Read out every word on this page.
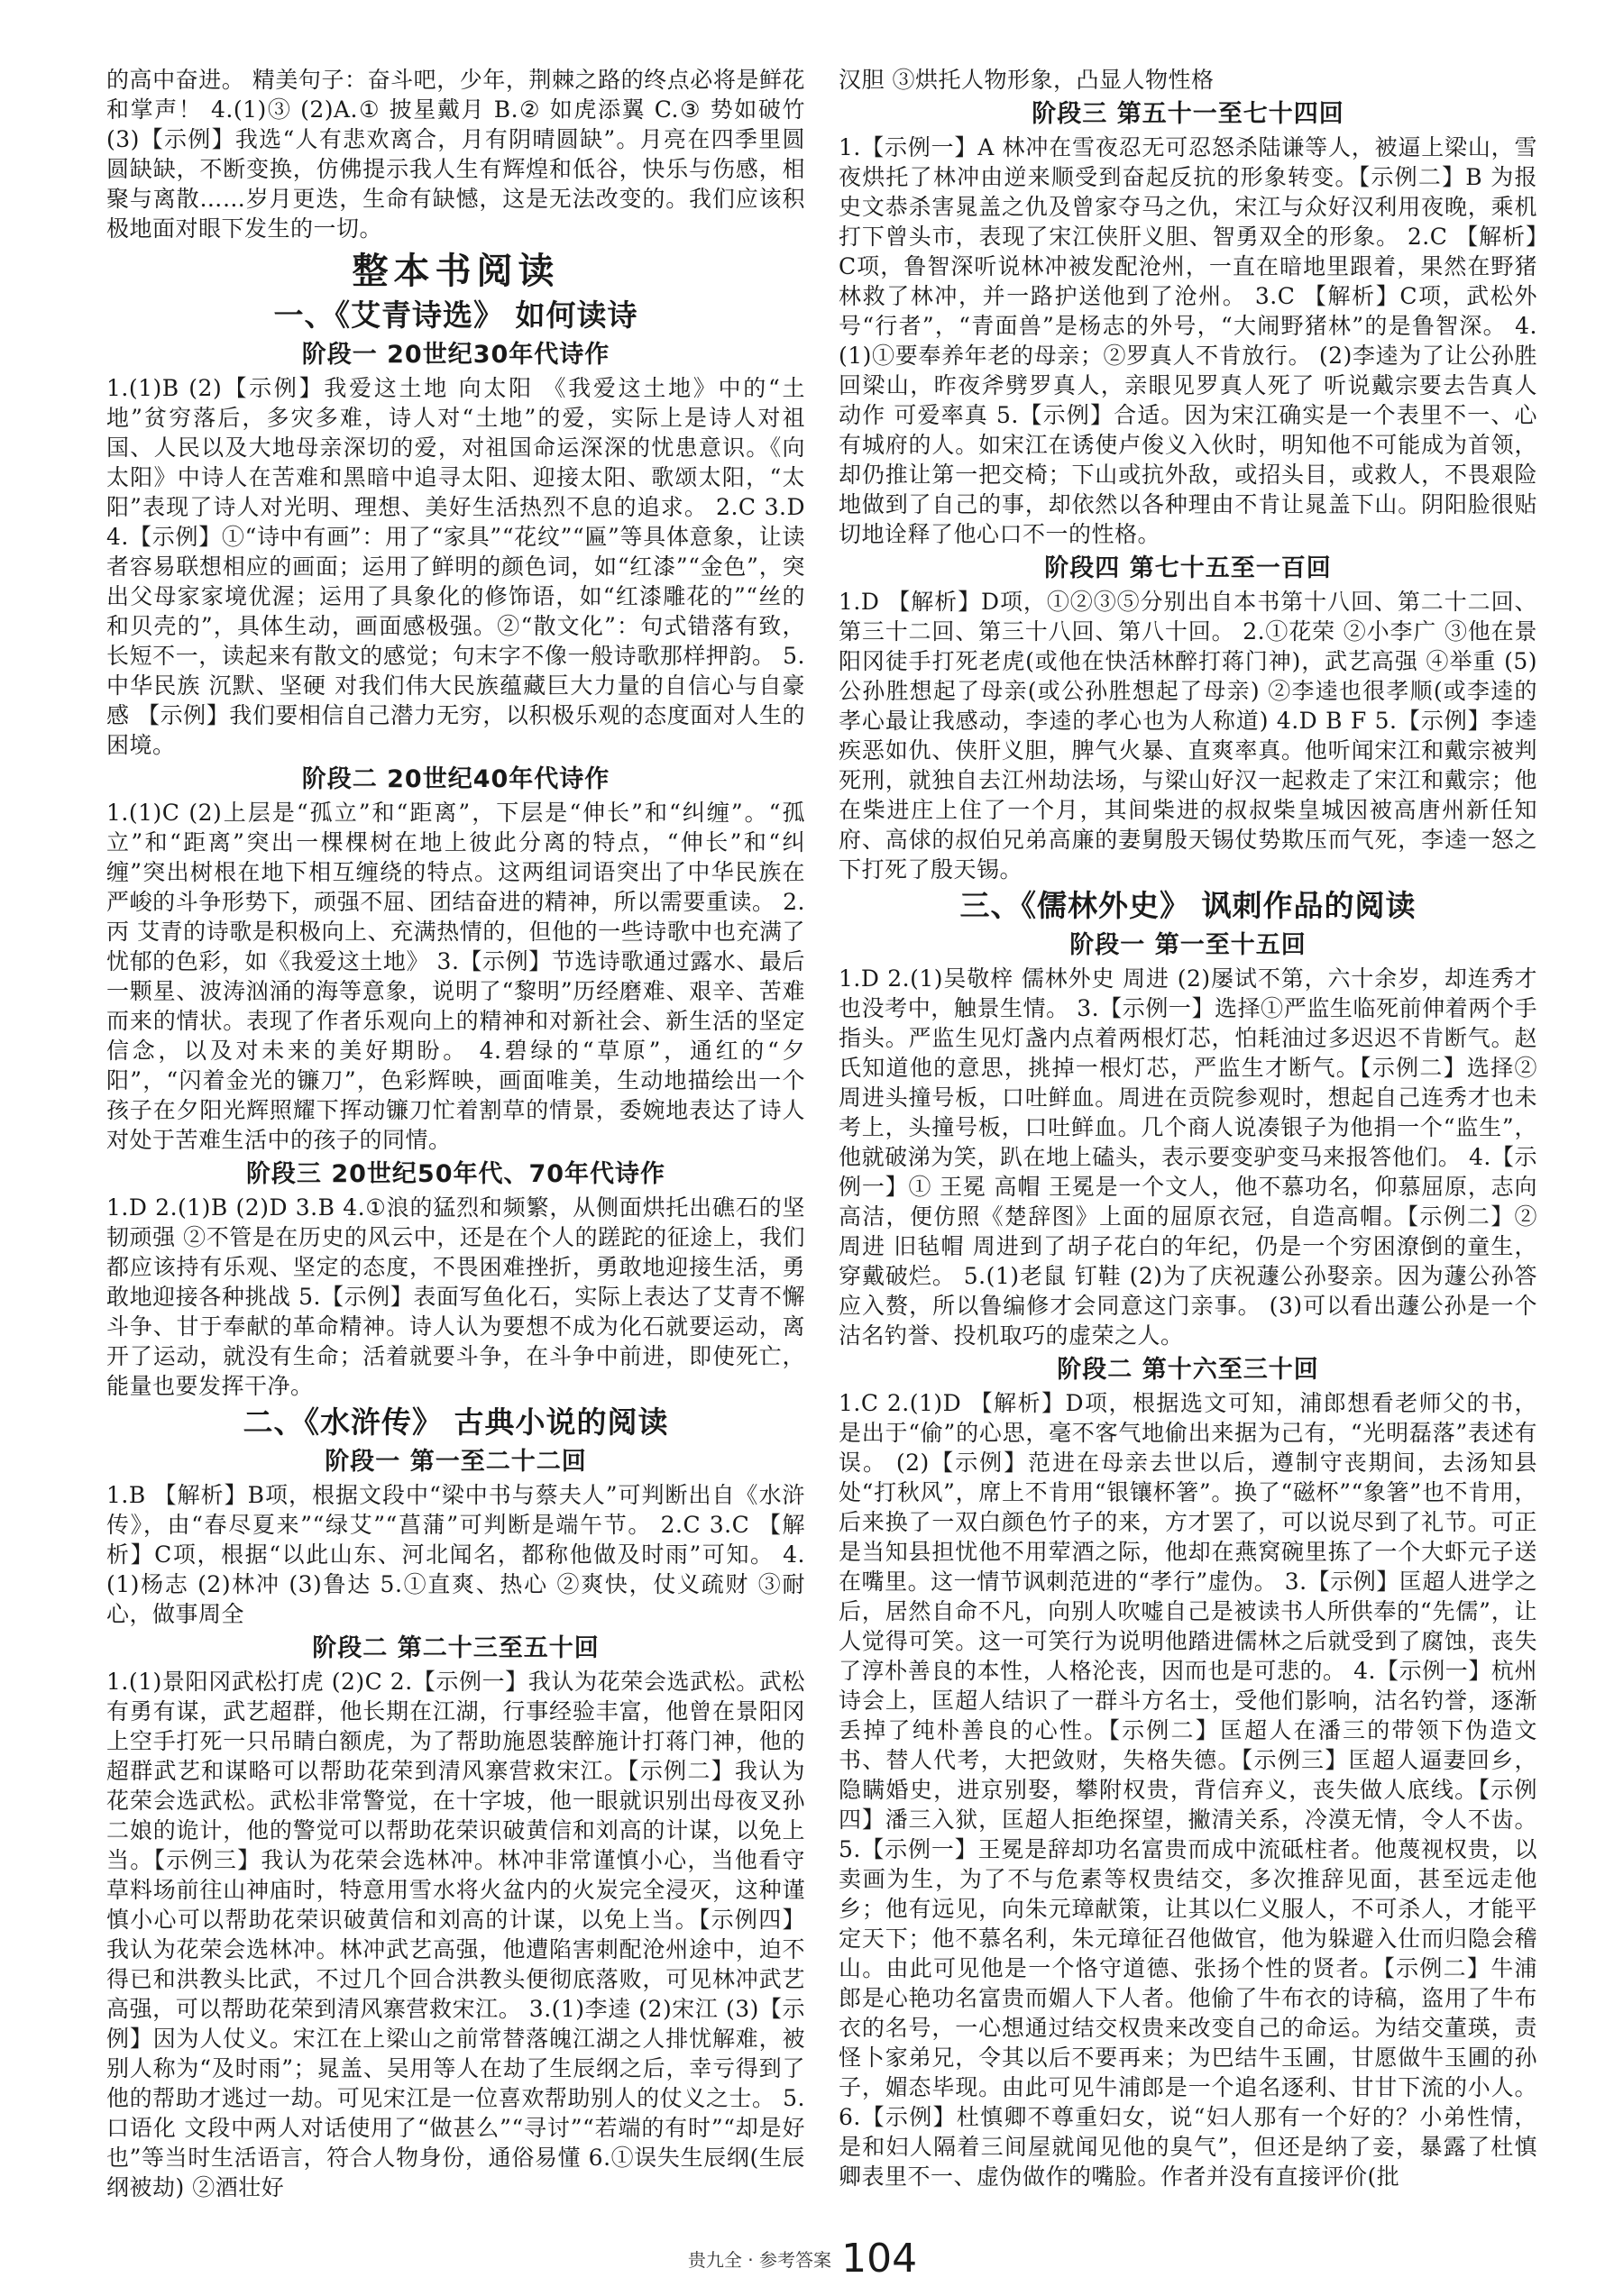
的高中奋进。 精美句子：奋斗吧，少年，荆棘之路的终点必将是鲜花和掌声！ 4.(1)③ (2)A.① 披星戴月 B.② 如虎添翼 C.③ 势如破竹 (3)【示例】我选“人有悲欢离合，月有阴晴圆缺”。月亮在四季里圆圆缺缺，不断变换，仿佛提示我人生有辉煌和低谷，快乐与伤感，相聚与离散……岁月更迭，生命有缺憾，这是无法改变的。我们应该积极地面对眼下发生的一切。

整本书阅读
一、《艾青诗选》 如何读诗
阶段一 20世纪30年代诗作

1.(1)B (2)【示例】我爱这土地 向太阳 《我爱这土地》中的“土地”贫穷落后，多灾多难，诗人对“土地”的爱，实际上是诗人对祖国、人民以及大地母亲深切的爱，对祖国命运深深的忧患意识。《向太阳》中诗人在苦难和黑暗中追寻太阳、迎接太阳、歌颂太阳，“太阳”表现了诗人对光明、理想、美好生活热烈不息的追求。 2.C 3.D 4.【示例】①“诗中有画”：用了“家具”“花纹”“匾”等具体意象，让读者容易联想相应的画面；运用了鲜明的颜色词，如“红漆”“金色”，突出父母家家境优渥；运用了具象化的修饰语，如“红漆雕花的”“丝的和贝壳的”，具体生动，画面感极强。②“散文化”：句式错落有致，长短不一，读起来有散文的感觉；句末字不像一般诗歌那样押韵。 5.中华民族 沉默、坚硬 对我们伟大民族蕴藏巨大力量的自信心与自豪感 【示例】我们要相信自己潜力无穷，以积极乐观的态度面对人生的困境。

阶段二 20世纪40年代诗作

1.(1)C (2)上层是“孤立”和“距离”，下层是“伸长”和“纠缠”。“孤立”和“距离”突出一棵棵树在地上彼此分离的特点，“伸长”和“纠缠”突出树根在地下相互缠绕的特点。这两组词语突出了中华民族在严峻的斗争形势下，顽强不屈、团结奋进的精神，所以需要重读。 2.丙 艾青的诗歌是积极向上、充满热情的，但他的一些诗歌中也充满了忧郁的色彩，如《我爱这土地》 3.【示例】节选诗歌通过露水、最后一颗星、波涛汹涌的海等意象，说明了“黎明”历经磨难、艰辛、苦难而来的情状。表现了作者乐观向上的精神和对新社会、新生活的坚定信念，以及对未来的美好期盼。 4.碧绿的“草原”，通红的“夕阳”，“闪着金光的镰刀”，色彩辉映，画面唯美，生动地描绘出一个孩子在夕阳光辉照耀下挥动镰刀忙着割草的情景，委婉地表达了诗人对处于苦难生活中的孩子的同情。

阶段三 20世纪50年代、70年代诗作

1.D 2.(1)B (2)D 3.B 4.①浪的猛烈和频繁，从侧面烘托出礁石的坚韧顽强 ②不管是在历史的风云中，还是在个人的蹉跎的征途上，我们都应该持有乐观、坚定的态度，不畏困难挫折，勇敢地迎接生活，勇敢地迎接各种挑战 5.【示例】表面写鱼化石，实际上表达了艾青不懈斗争、甘于奉献的革命精神。诗人认为要想不成为化石就要运动，离开了运动，就没有生命；活着就要斗争，在斗争中前进，即使死亡，能量也要发挥干净。

二、《水浒传》 古典小说的阅读
阶段一 第一至二十二回

1.B 【解析】B项，根据文段中“梁中书与蔡夫人”可判断出自《水浒传》，由“春尽夏来”“绿艾”“菖蒲”可判断是端午节。 2.C 3.C 【解析】C项，根据“以此山东、河北闻名，都称他做及时雨”可知。 4.(1)杨志 (2)林冲 (3)鲁达 5.①直爽、热心 ②爽快，仗义疏财 ③耐心，做事周全

阶段二 第二十三至五十回

1.(1)景阳冈武松打虎 (2)C 2.【示例一】我认为花荣会选武松。武松有勇有谋，武艺超群，他长期在江湖，行事经验丰富，他曾在景阳冈上空手打死一只吊睛白额虎，为了帮助施恩装醉施计打蒋门神，他的超群武艺和谋略可以帮助花荣到清风寨营救宋江。【示例二】我认为花荣会选武松。武松非常警觉，在十字坡，他一眼就识别出母夜叉孙二娘的诡计，他的警觉可以帮助花荣识破黄信和刘高的计谋，以免上当。【示例三】我认为花荣会选林冲。林冲非常谨慎小心，当他看守草料场前往山神庙时，特意用雪水将火盆内的火炭完全浸灭，这种谨慎小心可以帮助花荣识破黄信和刘高的计谋，以免上当。【示例四】我认为花荣会选林冲。林冲武艺高强，他遭陷害刺配沧州途中，迫不得已和洪教头比武，不过几个回合洪教头便彻底落败，可见林冲武艺高强，可以帮助花荣到清风寨营救宋江。 3.(1)李逵 (2)宋江 (3)【示例】因为人仗义。宋江在上梁山之前常替落魄江湖之人排忧解难，被别人称为“及时雨”；晁盖、吴用等人在劫了生辰纲之后，幸亏得到了他的帮助才逃过一劫。可见宋江是一位喜欢帮助别人的仗义之士。 5.口语化 文段中两人对话使用了“做甚么”“寻讨”“若端的有时”“却是好也”等当时生活语言，符合人物身份，通俗易懂 6.①误失生辰纲(生辰纲被劫) ②酒壮好

汉胆 ③烘托人物形象，凸显人物性格

阶段三 第五十一至七十四回

1.【示例一】A 林冲在雪夜忍无可忍怒杀陆谦等人，被逼上梁山，雪夜烘托了林冲由逆来顺受到奋起反抗的形象转变。【示例二】B 为报史文恭杀害晁盖之仇及曾家夺马之仇，宋江与众好汉利用夜晚，乘机打下曾头市，表现了宋江侠肝义胆、智勇双全的形象。 2.C 【解析】C项，鲁智深听说林冲被发配沧州，一直在暗地里跟着，果然在野猪林救了林冲，并一路护送他到了沧州。 3.C 【解析】C项，武松外号“行者”，“青面兽”是杨志的外号，“大闹野猪林”的是鲁智深。 4.(1)①要奉养年老的母亲；②罗真人不肯放行。 (2)李逵为了让公孙胜回梁山，昨夜斧劈罗真人，亲眼见罗真人死了 听说戴宗要去告真人 动作 可爱率真 5.【示例】合适。因为宋江确实是一个表里不一、心有城府的人。如宋江在诱使卢俊义入伙时，明知他不可能成为首领，却仍推让第一把交椅；下山或抗外敌，或招头目，或救人，不畏艰险地做到了自己的事，却依然以各种理由不肯让晁盖下山。阴阳脸很贴切地诠释了他心口不一的性格。

阶段四 第七十五至一百回

1.D 【解析】D项，①②③⑤分别出自本书第十八回、第二十二回、第三十二回、第三十八回、第八十回。 2.①花荣 ②小李广 ③他在景阳冈徒手打死老虎(或他在快活林醉打蒋门神)，武艺高强 ④举重 (5)公孙胜想起了母亲(或公孙胜想起了母亲) ②李逵也很孝顺(或李逵的孝心最让我感动，李逵的孝心也为人称道) 4.D B F 5.【示例】李逵疾恶如仇、侠肝义胆，脾气火暴、直爽率真。他听闻宋江和戴宗被判死刑，就独自去江州劫法场，与梁山好汉一起救走了宋江和戴宗；他在柴进庄上住了一个月，其间柴进的叔叔柴皇城因被高唐州新任知府、高俅的叔伯兄弟高廉的妻舅殷天锡仗势欺压而气死，李逵一怒之下打死了殷天锡。

三、《儒林外史》 讽刺作品的阅读
阶段一 第一至十五回

1.D 2.(1)吴敬梓 儒林外史 周进 (2)屡试不第，六十余岁，却连秀才也没考中，触景生情。 3.【示例一】选择①严监生临死前伸着两个手指头。严监生见灯盏内点着两根灯芯，怕耗油过多迟迟不肯断气。赵氏知道他的意思，挑掉一根灯芯，严监生才断气。【示例二】选择②周进头撞号板，口吐鲜血。周进在贡院参观时，想起自己连秀才也未考上，头撞号板，口吐鲜血。几个商人说凑银子为他捐一个“监生”，他就破涕为笑，趴在地上磕头，表示要变驴变马来报答他们。 4.【示例一】① 王冕 高帽 王冕是一个文人，他不慕功名，仰慕屈原，志向高洁，便仿照《楚辞图》上面的屈原衣冠，自造高帽。【示例二】② 周进 旧毡帽 周进到了胡子花白的年纪，仍是一个穷困潦倒的童生，穿戴破烂。 5.(1)老鼠 钉鞋 (2)为了庆祝蘧公孙娶亲。因为蘧公孙答应入赘，所以鲁编修才会同意这门亲事。 (3)可以看出蘧公孙是一个沽名钓誉、投机取巧的虚荣之人。

阶段二 第十六至三十回

1.C 2.(1)D 【解析】D项，根据选文可知，浦郎想看老师父的书，是出于“偷”的心思，毫不客气地偷出来据为己有，“光明磊落”表述有误。 (2)【示例】范进在母亲去世以后，遵制守丧期间，去汤知县处“打秋风”，席上不肯用“银镶杯箸”。换了“磁杯”“象箸”也不肯用，后来换了一双白颜色竹子的来，方才罢了，可以说尽到了礼节。可正是当知县担忧他不用荤酒之际，他却在燕窝碗里拣了一个大虾元子送在嘴里。这一情节讽刺范进的“孝行”虚伪。 3.【示例】匡超人进学之后，居然自命不凡，向别人吹嘘自己是被读书人所供奉的“先儒”，让人觉得可笑。这一可笑行为说明他踏进儒林之后就受到了腐蚀，丧失了淳朴善良的本性，人格沦丧，因而也是可悲的。 4.【示例一】杭州诗会上，匡超人结识了一群斗方名士，受他们影响，沽名钓誉，逐渐丢掉了纯朴善良的心性。【示例二】匡超人在潘三的带领下伪造文书、替人代考，大把敛财，失格失德。【示例三】匡超人逼妻回乡，隐瞒婚史，进京别娶，攀附权贵，背信弃义，丧失做人底线。【示例四】潘三入狱，匡超人拒绝探望，撇清关系，冷漠无情，令人不齿。 5.【示例一】王冕是辞却功名富贵而成中流砥柱者。他蔑视权贵，以卖画为生，为了不与危素等权贵结交，多次推辞见面，甚至远走他乡；他有远见，向朱元璋献策，让其以仁义服人，不可杀人，才能平定天下；他不慕名利，朱元璋征召他做官，他为躲避入仕而归隐会稽山。由此可见他是一个恪守道德、张扬个性的贤者。【示例二】牛浦郎是心艳功名富贵而媚人下人者。他偷了牛布衣的诗稿，盗用了牛布衣的名号，一心想通过结交权贵来改变自己的命运。为结交董瑛，责怪卜家弟兄，令其以后不要再来；为巴结牛玉圃，甘愿做牛玉圃的孙子，媚态毕现。由此可见牛浦郎是一个追名逐利、甘甘下流的小人。 6.【示例】杜慎卿不尊重妇女，说“妇人那有一个好的？小弟性情，是和妇人隔着三间屋就闻见他的臭气”，但还是纳了妾，暴露了杜慎卿表里不一、虚伪做作的嘴脸。作者并没有直接评价(批

贵九全 · 参考答案 104
